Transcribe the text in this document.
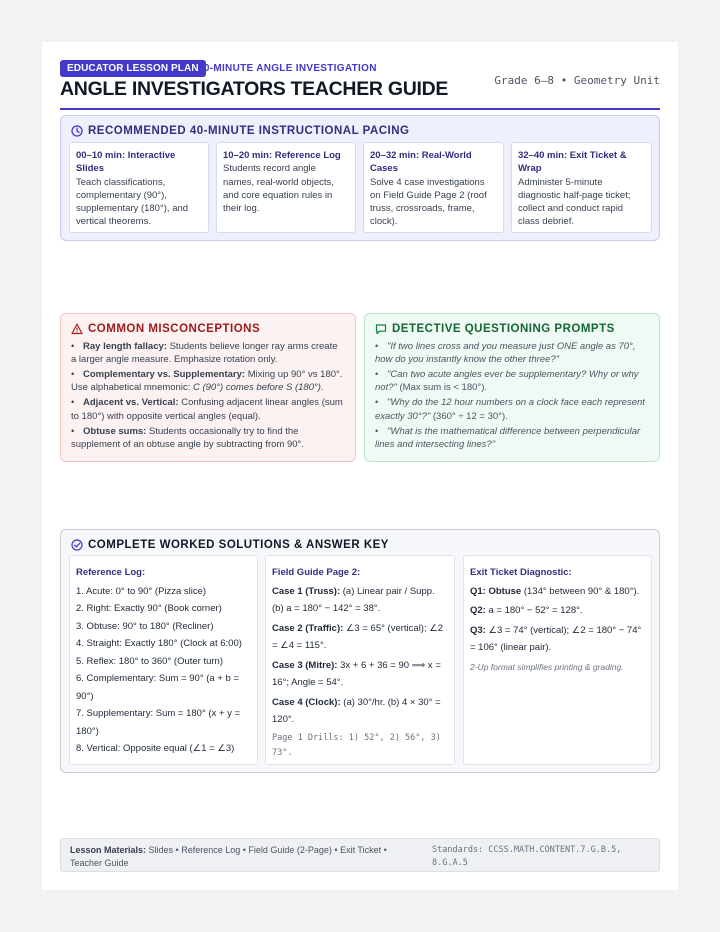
EDUCATOR LESSON PLAN 40-MINUTE ANGLE INVESTIGATION
ANGLE INVESTIGATORS TEACHER GUIDE	Grade 6–8 • Geometry Unit
RECOMMENDED 40-MINUTE INSTRUCTIONAL PACING
00–10 min: Interactive Slides
Teach classifications, complementary (90°), supplementary (180°), and vertical theorems.
10–20 min: Reference Log
Students record angle names, real-world objects, and core equation rules in their log.
20–32 min: Real-World Cases
Solve 4 case investigations on Field Guide Page 2 (roof truss, crossroads, frame, clock).
32–40 min: Exit Ticket & Wrap
Administer 5-minute diagnostic half-page ticket; collect and conduct rapid class debrief.
COMMON MISCONCEPTIONS
• Ray length fallacy: Students believe longer ray arms create a larger angle measure. Emphasize rotation only.
• Complementary vs. Supplementary: Mixing up 90° vs 180°. Use alphabetical mnemonic: C (90°) comes before S (180°).
• Adjacent vs. Vertical: Confusing adjacent linear angles (sum to 180°) with opposite vertical angles (equal).
• Obtuse sums: Students occasionally try to find the supplement of an obtuse angle by subtracting from 90°.
DETECTIVE QUESTIONING PROMPTS
• "If two lines cross and you measure just ONE angle as 70°, how do you instantly know the other three?"
• "Can two acute angles ever be supplementary? Why or why not?" (Max sum is < 180°).
• "Why do the 12 hour numbers on a clock face each represent exactly 30°?" (360° ÷ 12 = 30°).
• "What is the mathematical difference between perpendicular lines and intersecting lines?"
COMPLETE WORKED SOLUTIONS & ANSWER KEY
Reference Log:
1. Acute: 0° to 90° (Pizza slice)
2. Right: Exactly 90° (Book corner)
3. Obtuse: 90° to 180° (Recliner)
4. Straight: Exactly 180° (Clock at 6:00)
5. Reflex: 180° to 360° (Outer turn)
6. Complementary: Sum = 90° (a + b = 90°)
7. Supplementary: Sum = 180° (x + y = 180°)
8. Vertical: Opposite equal (∠1 = ∠3)
Field Guide Page 2:
Case 1 (Truss): (a) Linear pair / Supp. (b) a = 180° − 142° = 38°.
Case 2 (Traffic): ∠3 = 65° (vertical); ∠2 = ∠4 = 115°.
Case 3 (Mitre): 3x + 6 + 36 = 90 ⟹ x = 16°; Angle = 54°.
Case 4 (Clock): (a) 30°/hr. (b) 4 × 30° = 120°.
Page 1 Drills: 1) 52°, 2) 56°, 3) 73°.
Exit Ticket Diagnostic:
Q1: Obtuse (134° between 90° & 180°).
Q2: a = 180° − 52° = 128°.
Q3: ∠3 = 74° (vertical); ∠2 = 180° − 74° = 106° (linear pair).
2-Up format simplifies printing & grading.
Lesson Materials: Slides • Reference Log • Field Guide (2-Page) • Exit Ticket • Teacher Guide
Standards: CCSS.MATH.CONTENT.7.G.B.5, 8.G.A.5
